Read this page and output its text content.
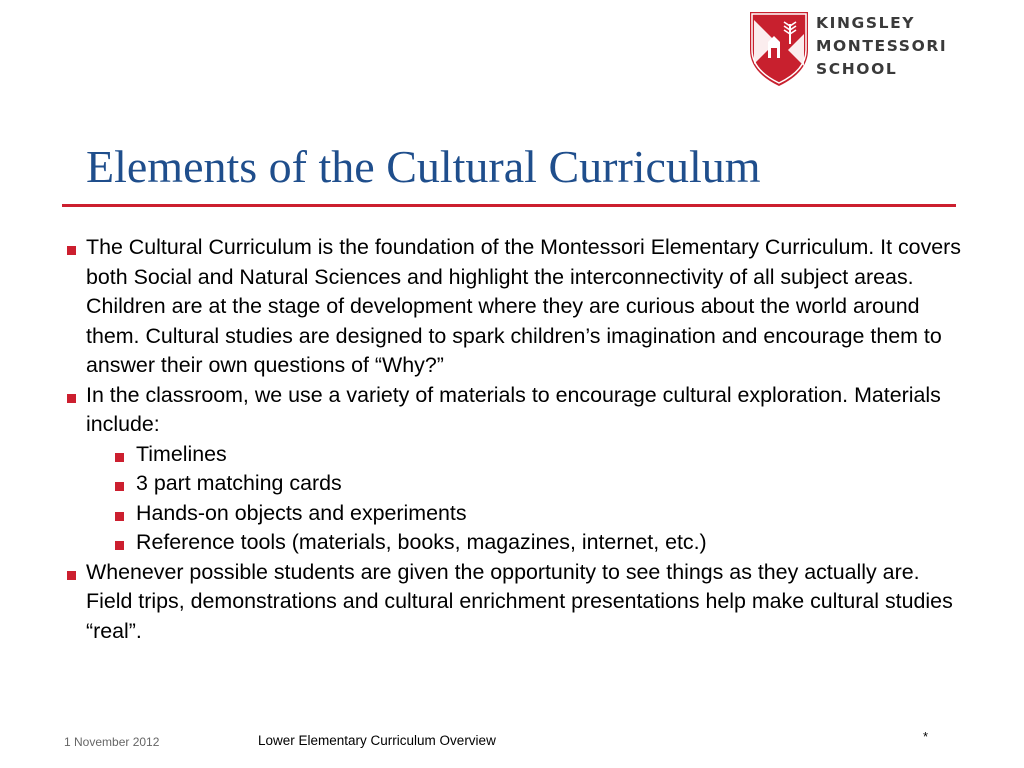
KINGSLEY
MONTESSORI
SCHOOL
Elements of the Cultural Curriculum
The Cultural Curriculum is the foundation of the Montessori Elementary Curriculum. It covers both Social and Natural Sciences and highlight the interconnectivity of all subject areas. Children are at the stage of development where they are curious about the world around them. Cultural studies are designed to spark children’s imagination and encourage them to answer their own questions of “Why?”
In the classroom, we use a variety of materials to encourage cultural exploration. Materials include:
Timelines
3 part matching cards
Hands-on objects and experiments
Reference tools (materials, books, magazines, internet, etc.)
Whenever possible students are given the opportunity to see things as they actually are. Field trips, demonstrations and cultural enrichment presentations help make cultural studies “real”.
1 November 2012	Lower Elementary Curriculum Overview	*
